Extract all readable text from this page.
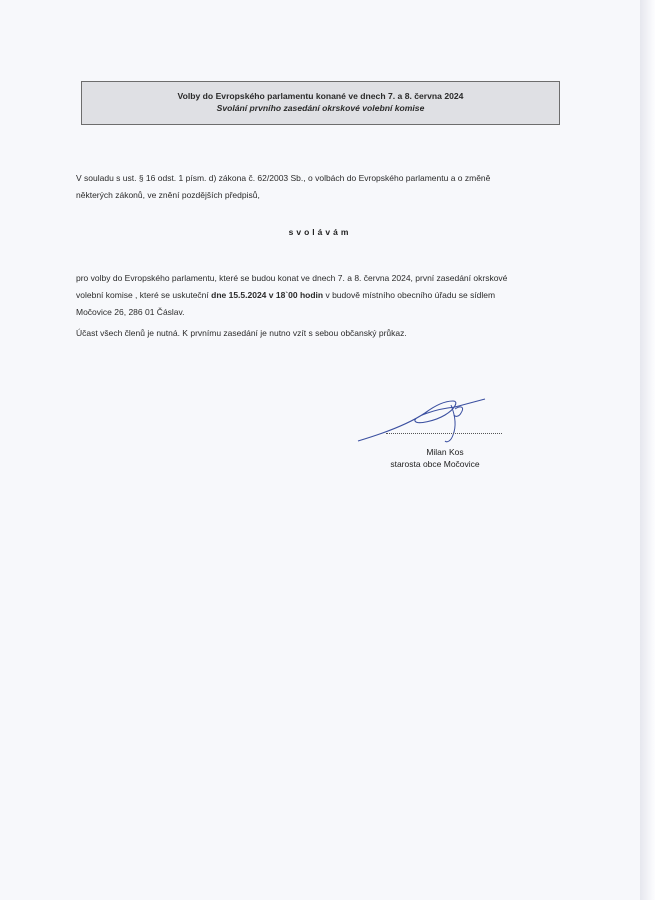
Volby do Evropského parlamentu konané ve dnech 7. a 8. června 2024
Svolání prvního zasedání okrskové volební komise
V souladu s ust. § 16 odst. 1 písm. d) zákona č. 62/2003 Sb., o volbách do Evropského parlamentu a o změně
některých zákonů, ve znění pozdějších předpisů,
svolávám
pro volby do Evropského parlamentu, které se budou konat ve dnech 7. a 8. června 2024, první zasedání okrskové
volební komise , které se uskuteční dne 15.5.2024 v 18`00 hodin v budově místního obecního úřadu se sídlem
Močovice 26, 286 01 Čáslav.
Účast všech členů je nutná. K prvnímu zasedání je nutno vzít s sebou občanský průkaz.
Milan Kos
starosta obce Močovice
